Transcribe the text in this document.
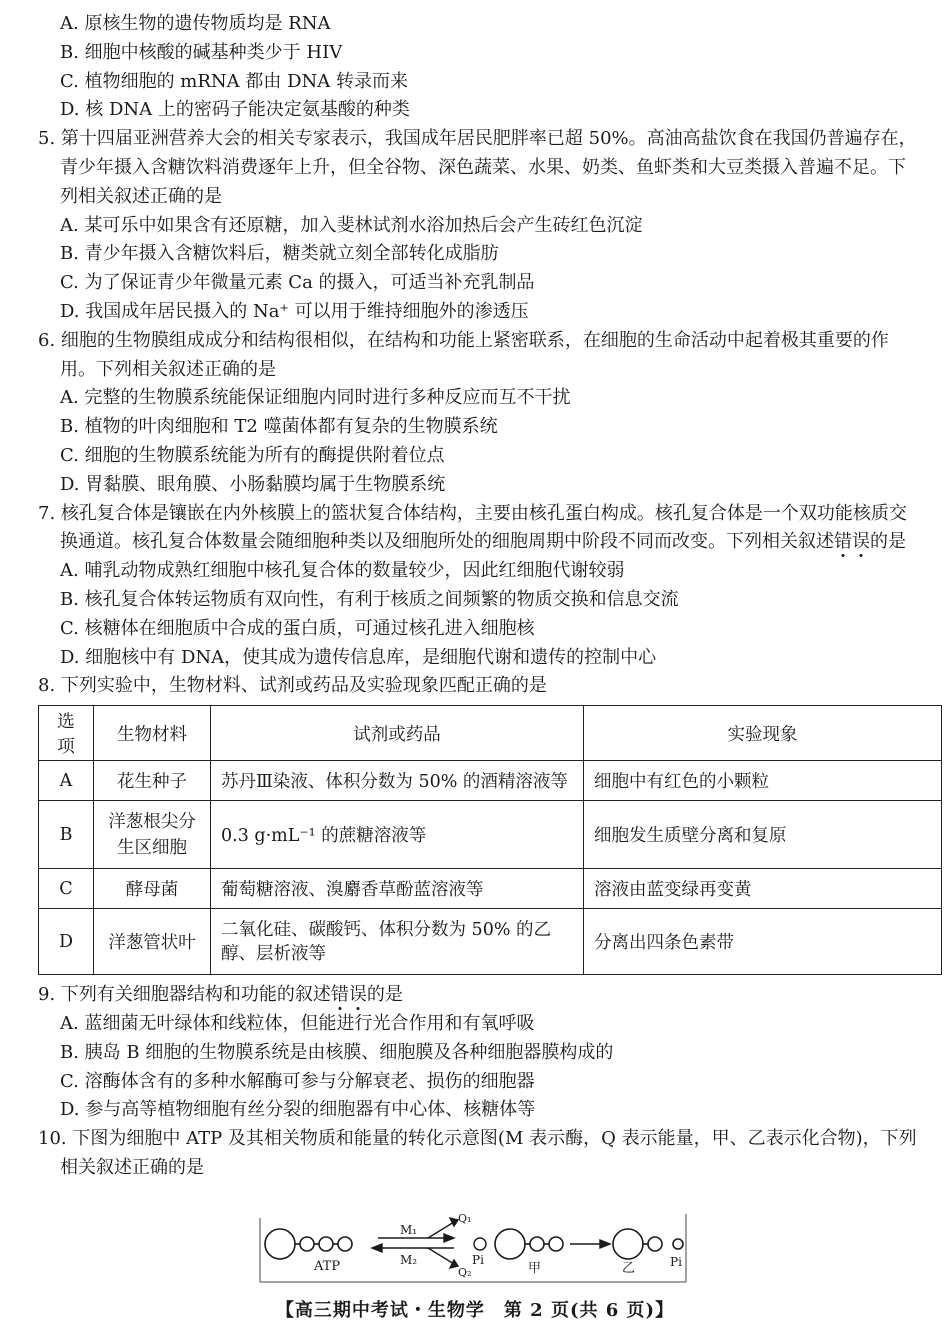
A. 原核生物的遗传物质均是 RNA
B. 细胞中核酸的碱基种类少于 HIV
C. 植物细胞的 mRNA 都由 DNA 转录而来
D. 核 DNA 上的密码子能决定氨基酸的种类
5. 第十四届亚洲营养大会的相关专家表示，我国成年居民肥胖率已超 50%。高油高盐饮食在我国仍普遍存在，青少年摄入含糖饮料消费逐年上升，但全谷物、深色蔬菜、水果、奶类、鱼虾类和大豆类摄入普遍不足。下列相关叙述正确的是
A. 某可乐中如果含有还原糖，加入斐林试剂水浴加热后会产生砖红色沉淀
B. 青少年摄入含糖饮料后，糖类就立刻全部转化成脂肪
C. 为了保证青少年微量元素 Ca 的摄入，可适当补充乳制品
D. 我国成年居民摄入的 Na⁺ 可以用于维持细胞外的渗透压
6. 细胞的生物膜组成成分和结构很相似，在结构和功能上紧密联系，在细胞的生命活动中起着极其重要的作用。下列相关叙述正确的是
A. 完整的生物膜系统能保证细胞内同时进行多种反应而互不干扰
B. 植物的叶肉细胞和 T2 噬菌体都有复杂的生物膜系统
C. 细胞的生物膜系统能为所有的酶提供附着位点
D. 胃黏膜、眼角膜、小肠黏膜均属于生物膜系统
7. 核孔复合体是镶嵌在内外核膜上的篮状复合体结构，主要由核孔蛋白构成。核孔复合体是一个双功能核质交换通道。核孔复合体数量会随细胞种类以及细胞所处的细胞周期中阶段不同而改变。下列相关叙述错误的是
A. 哺乳动物成熟红细胞中核孔复合体的数量较少，因此红细胞代谢较弱
B. 核孔复合体转运物质有双向性，有利于核质之间频繁的物质交换和信息交流
C. 核糖体在细胞质中合成的蛋白质，可通过核孔进入细胞核
D. 细胞核中有 DNA，使其成为遗传信息库，是细胞代谢和遗传的控制中心
8. 下列实验中，生物材料、试剂或药品及实验现象匹配正确的是
选项	生物材料	试剂或药品	实验现象
A	花生种子	苏丹Ⅲ染液、体积分数为 50% 的酒精溶液等	细胞中有红色的小颗粒
B	洋葱根尖分生区细胞	0.3 g·mL⁻¹ 的蔗糖溶液等	细胞发生质壁分离和复原
C	酵母菌	葡萄糖溶液、溴麝香草酚蓝溶液等	溶液由蓝变绿再变黄
D	洋葱管状叶	二氧化硅、碳酸钙、体积分数为 50% 的乙醇、层析液等	分离出四条色素带
9. 下列有关细胞器结构和功能的叙述错误的是
A. 蓝细菌无叶绿体和线粒体，但能进行光合作用和有氧呼吸
B. 胰岛 B 细胞的生物膜系统是由核膜、细胞膜及各种细胞器膜构成的
C. 溶酶体含有的多种水解酶可参与分解衰老、损伤的细胞器
D. 参与高等植物细胞有丝分裂的细胞器有中心体、核糖体等
10. 下图为细胞中 ATP 及其相关物质和能量的转化示意图(M 表示酶，Q 表示能量，甲、乙表示化合物)，下列相关叙述正确的是
ATP
M₁
M₂
Q₁
Q₂
Pi
甲	乙	Pi
【高三期中考试・生物学　第 2 页(共 6 页)】
